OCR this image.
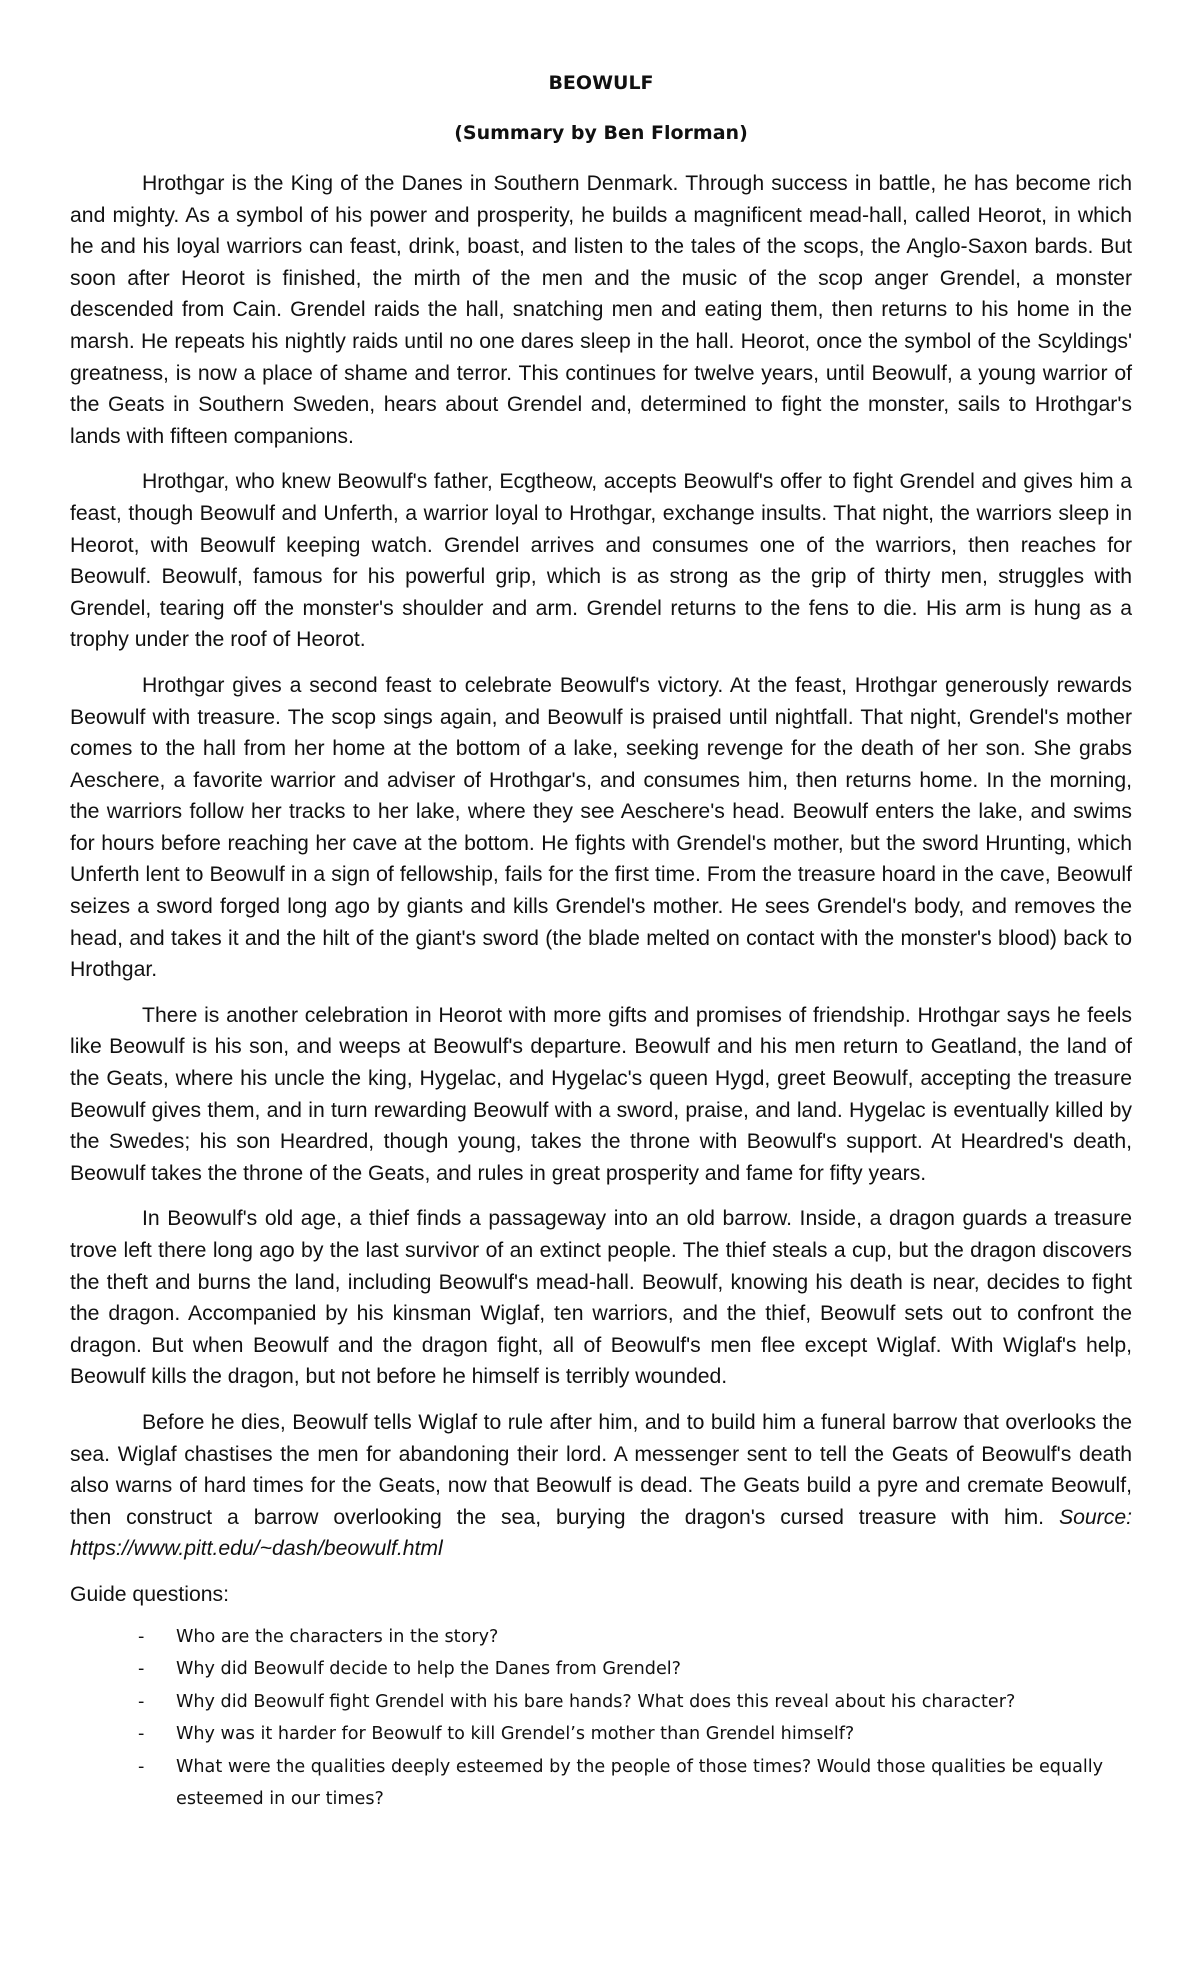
BEOWULF
(Summary by Ben Florman)

Hrothgar is the King of the Danes in Southern Denmark. Through success in battle, he has become rich and mighty. As a symbol of his power and prosperity, he builds a magnificent mead-hall, called Heorot, in which he and his loyal warriors can feast, drink, boast, and listen to the tales of the scops, the Anglo-Saxon bards. But soon after Heorot is finished, the mirth of the men and the music of the scop anger Grendel, a monster descended from Cain. Grendel raids the hall, snatching men and eating them, then returns to his home in the marsh. He repeats his nightly raids until no one dares sleep in the hall. Heorot, once the symbol of the Scyldings' greatness, is now a place of shame and terror. This continues for twelve years, until Beowulf, a young warrior of the Geats in Southern Sweden, hears about Grendel and, determined to fight the monster, sails to Hrothgar's lands with fifteen companions.

Hrothgar, who knew Beowulf's father, Ecgtheow, accepts Beowulf's offer to fight Grendel and gives him a feast, though Beowulf and Unferth, a warrior loyal to Hrothgar, exchange insults. That night, the warriors sleep in Heorot, with Beowulf keeping watch. Grendel arrives and consumes one of the warriors, then reaches for Beowulf. Beowulf, famous for his powerful grip, which is as strong as the grip of thirty men, struggles with Grendel, tearing off the monster's shoulder and arm. Grendel returns to the fens to die. His arm is hung as a trophy under the roof of Heorot.

Hrothgar gives a second feast to celebrate Beowulf's victory. At the feast, Hrothgar generously rewards Beowulf with treasure. The scop sings again, and Beowulf is praised until nightfall. That night, Grendel's mother comes to the hall from her home at the bottom of a lake, seeking revenge for the death of her son. She grabs Aeschere, a favorite warrior and adviser of Hrothgar's, and consumes him, then returns home. In the morning, the warriors follow her tracks to her lake, where they see Aeschere's head. Beowulf enters the lake, and swims for hours before reaching her cave at the bottom. He fights with Grendel's mother, but the sword Hrunting, which Unferth lent to Beowulf in a sign of fellowship, fails for the first time. From the treasure hoard in the cave, Beowulf seizes a sword forged long ago by giants and kills Grendel's mother. He sees Grendel's body, and removes the head, and takes it and the hilt of the giant's sword (the blade melted on contact with the monster's blood) back to Hrothgar.

There is another celebration in Heorot with more gifts and promises of friendship. Hrothgar says he feels like Beowulf is his son, and weeps at Beowulf's departure. Beowulf and his men return to Geatland, the land of the Geats, where his uncle the king, Hygelac, and Hygelac's queen Hygd, greet Beowulf, accepting the treasure Beowulf gives them, and in turn rewarding Beowulf with a sword, praise, and land. Hygelac is eventually killed by the Swedes; his son Heardred, though young, takes the throne with Beowulf's support. At Heardred's death, Beowulf takes the throne of the Geats, and rules in great prosperity and fame for fifty years.

In Beowulf's old age, a thief finds a passageway into an old barrow. Inside, a dragon guards a treasure trove left there long ago by the last survivor of an extinct people. The thief steals a cup, but the dragon discovers the theft and burns the land, including Beowulf's mead-hall. Beowulf, knowing his death is near, decides to fight the dragon. Accompanied by his kinsman Wiglaf, ten warriors, and the thief, Beowulf sets out to confront the dragon. But when Beowulf and the dragon fight, all of Beowulf's men flee except Wiglaf. With Wiglaf's help, Beowulf kills the dragon, but not before he himself is terribly wounded.

Before he dies, Beowulf tells Wiglaf to rule after him, and to build him a funeral barrow that overlooks the sea. Wiglaf chastises the men for abandoning their lord. A messenger sent to tell the Geats of Beowulf's death also warns of hard times for the Geats, now that Beowulf is dead. The Geats build a pyre and cremate Beowulf, then construct a barrow overlooking the sea, burying the dragon's cursed treasure with him. Source: https://www.pitt.edu/~dash/beowulf.html

Guide questions:
- Who are the characters in the story?
- Why did Beowulf decide to help the Danes from Grendel?
- Why did Beowulf fight Grendel with his bare hands? What does this reveal about his character?
- Why was it harder for Beowulf to kill Grendel’s mother than Grendel himself?
- What were the qualities deeply esteemed by the people of those times? Would those qualities be equally esteemed in our times?
